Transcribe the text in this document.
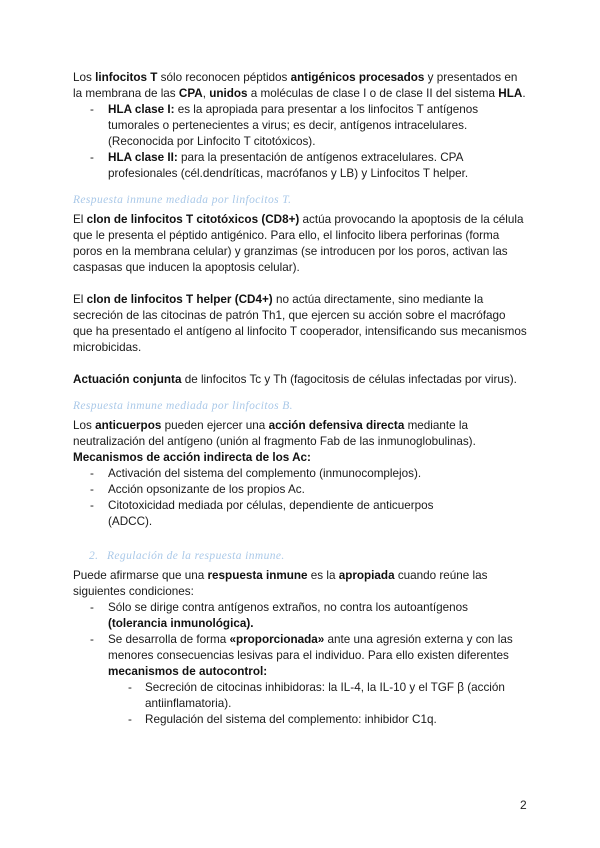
Los linfocitos T sólo reconocen péptidos antigénicos procesados y presentados en la membrana de las CPA, unidos a moléculas de clase I o de clase II del sistema HLA.

- HLA clase I: es la apropiada para presentar a los linfocitos T antígenos tumorales o pertenecientes a virus; es decir, antígenos intracelulares. (Reconocida por Linfocito T citotóxicos).
- HLA clase II: para la presentación de antígenos extracelulares. CPA profesionales (cél.dendríticas, macrófanos y LB) y Linfocitos T helper.
Respuesta inmune mediada por linfocitos T.

El clon de linfocitos T citotóxicos (CD8+) actúa provocando la apoptosis de la célula que le presenta el péptido antigénico. Para ello, el linfocito libera perforinas (forma poros en la membrana celular) y granzimas (se introducen por los poros, activan las caspasas que inducen la apoptosis celular).

El clon de linfocitos T helper (CD4+) no actúa directamente, sino mediante la secreción de las citocinas de patrón Th1, que ejercen su acción sobre el macrófago que ha presentado el antígeno al linfocito T cooperador, intensificando sus mecanismos microbicidas.

Actuación conjunta de linfocitos Tc y Th (fagocitosis de células infectadas por virus).

Respuesta inmune mediada por linfocitos B.

Los anticuerpos pueden ejercer una acción defensiva directa mediante la neutralización del antígeno (unión al fragmento Fab de las inmunoglobulinas).

Mecanismos de acción indirecta de los Ac:

- Activación del sistema del complemento (inmunocomplejos).
- Acción opsonizante de los propios Ac.
- Citotoxicidad mediada por células, dependiente de anticuerpos (ADCC).
2. Regulación de la respuesta inmune.

Puede afirmarse que una respuesta inmune es la apropiada cuando reúne las siguientes condiciones:

- Sólo se dirige contra antígenos extraños, no contra los autoantígenos (tolerancia inmunológica).
- Se desarrolla de forma «proporcionada» ante una agresión externa y con las menores consecuencias lesivas para el individuo. Para ello existen diferentes mecanismos de autocontrol:
- Secreción de citocinas inhibidoras: la IL-4, la IL-10 y el TGF β (acción antiinflamatoria).
- Regulación del sistema del complemento: inhibidor C1q.
2
